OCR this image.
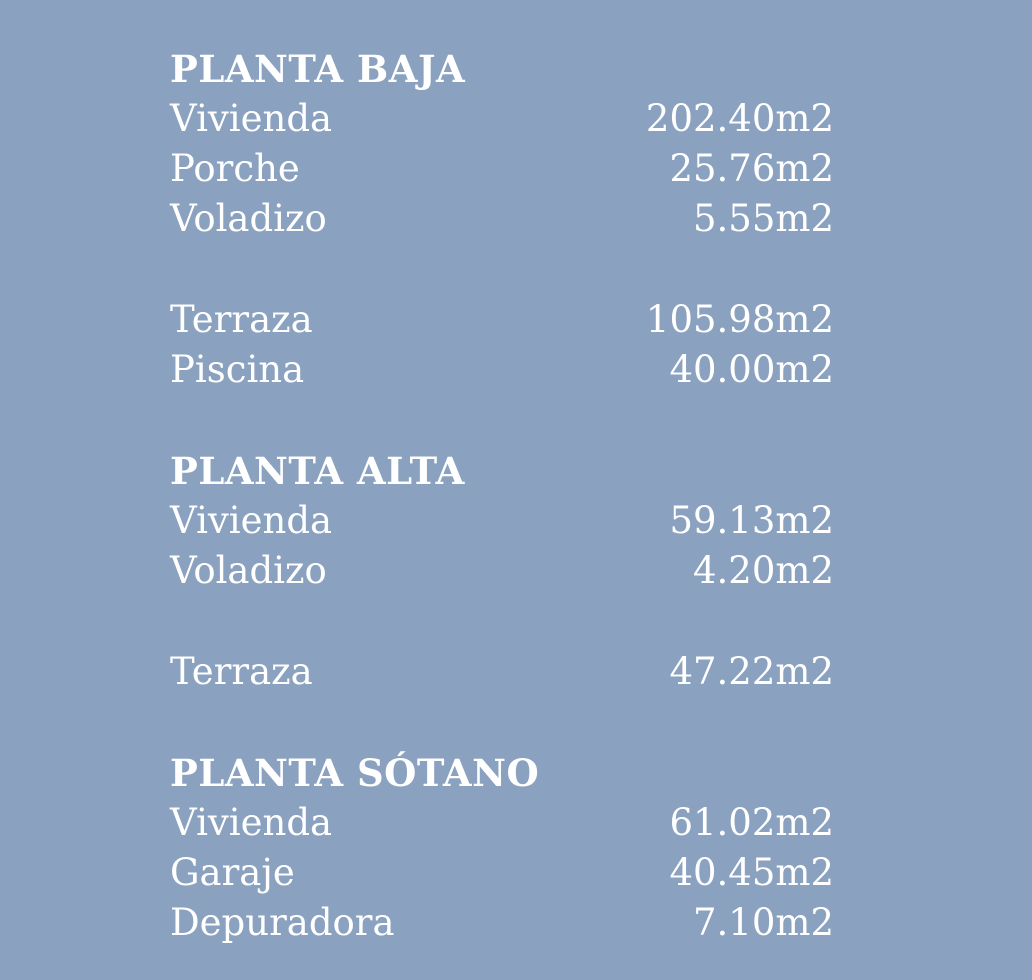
PLANTA BAJA
Vivienda	202.40m2
Porche	25.76m2
Voladizo	5.55m2
Terraza	105.98m2
Piscina	40.00m2
PLANTA ALTA
Vivienda	59.13m2
Voladizo	4.20m2
Terraza	47.22m2
PLANTA SÓTANO
Vivienda	61.02m2
Garaje	40.45m2
Depuradora	7.10m2
